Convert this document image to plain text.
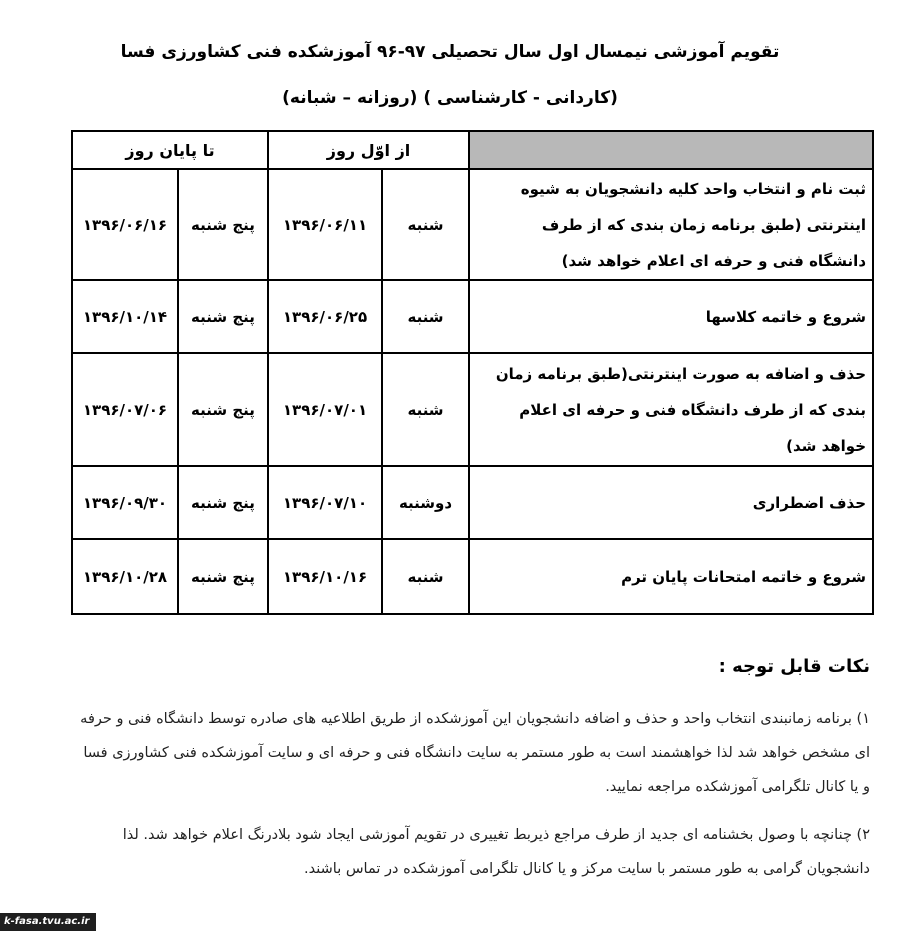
تقویم آموزشی نیمسال اول سال تحصیلی ۹۷-۹۶ آموزشکده فنی کشاورزی فسا
(کاردانی - کارشناسی ) (روزانه – شبانه)
	از اوّل روز		تا پایان روز	

ثبت نام و انتخاب واحد کلیه دانشجویان به شیوه
اینترنتی (طبق برنامه زمان بندی که از طرف
دانشگاه فنی و حرفه ای اعلام خواهد شد)	شنبه	۱۳۹۶/۰۶/۱۱	پنج شنبه	۱۳۹۶/۰۶/۱۶

شروع و خاتمه کلاسها	شنبه	۱۳۹۶/۰۶/۲۵	پنج شنبه	۱۳۹۶/۱۰/۱۴

حذف و اضافه به صورت اینترنتی(طبق برنامه زمان
بندی که از طرف دانشگاه فنی و حرفه ای اعلام
خواهد شد)	شنبه	۱۳۹۶/۰۷/۰۱	پنج شنبه	۱۳۹۶/۰۷/۰۶

حذف اضطراری	دوشنبه	۱۳۹۶/۰۷/۱۰	پنج شنبه	۱۳۹۶/۰۹/۳۰

شروع و خاتمه امتحانات پایان ترم	شنبه	۱۳۹۶/۱۰/۱۶	پنج شنبه	۱۳۹۶/۱۰/۲۸
نکات قابل توجه :
۱) برنامه زمانبندی انتخاب واحد و حذف و اضافه دانشجویان این آموزشکده از طریق اطلاعیه های صادره توسط دانشگاه فنی و حرفه ای مشخص خواهد شد لذا خواهشمند است به طور مستمر به سایت دانشگاه فنی و حرفه ای و سایت آموزشکده فنی کشاورزی فسا و یا کانال تلگرامی آموزشکده مراجعه نمایید.
۲) چنانچه با وصول بخشنامه ای جدید از طرف مراجع ذیربط تغییری در تقویم آموزشی ایجاد شود بلادرنگ اعلام خواهد شد. لذا دانشجویان گرامی به طور مستمر با سایت مرکز و یا کانال تلگرامی آموزشکده در تماس باشند.
k-fasa.tvu.ac.ir
